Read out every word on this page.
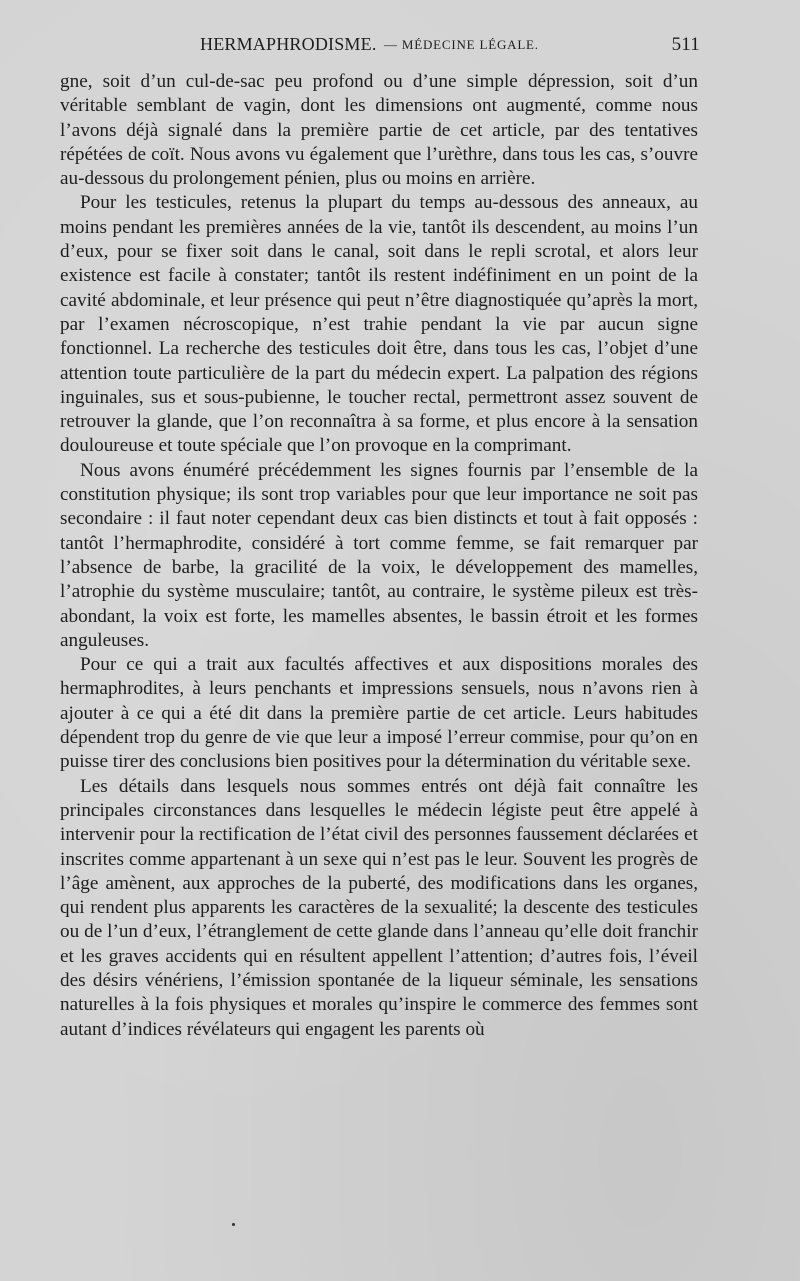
HERMAPHRODISME. — MÉDECINE LÉGALE.	511

gne, soit d’un cul-de-sac peu profond ou d’une simple dépression, soit d’un véritable semblant de vagin, dont les dimensions ont augmenté, comme nous l’avons déjà signalé dans la première partie de cet article, par des tentatives répétées de coït. Nous avons vu également que l’urèthre, dans tous les cas, s’ouvre au-dessous du prolongement pénien, plus ou moins en arrière.

Pour les testicules, retenus la plupart du temps au-dessous des anneaux, au moins pendant les premières années de la vie, tantôt ils descendent, au moins l’un d’eux, pour se fixer soit dans le canal, soit dans le repli scrotal, et alors leur existence est facile à constater; tantôt ils restent indéfiniment en un point de la cavité abdominale, et leur présence qui peut n’être diagnostiquée qu’après la mort, par l’examen nécroscopique, n’est trahie pendant la vie par aucun signe fonctionnel. La recherche des testicules doit être, dans tous les cas, l’objet d’une attention toute particulière de la part du médecin expert. La palpation des régions inguinales, sus et sous-pubienne, le toucher rectal, permettront assez souvent de retrouver la glande, que l’on reconnaîtra à sa forme, et plus encore à la sensation douloureuse et toute spéciale que l’on provoque en la comprimant.

Nous avons énuméré précédemment les signes fournis par l’ensemble de la constitution physique; ils sont trop variables pour que leur importance ne soit pas secondaire : il faut noter cependant deux cas bien distincts et tout à fait opposés : tantôt l’hermaphrodite, considéré à tort comme femme, se fait remarquer par l’absence de barbe, la gracilité de la voix, le développement des mamelles, l’atrophie du système musculaire; tantôt, au contraire, le système pileux est très-abondant, la voix est forte, les mamelles absentes, le bassin étroit et les formes anguleuses.

Pour ce qui a trait aux facultés affectives et aux dispositions morales des hermaphrodites, à leurs penchants et impressions sensuels, nous n’avons rien à ajouter à ce qui a été dit dans la première partie de cet article. Leurs habitudes dépendent trop du genre de vie que leur a imposé l’erreur commise, pour qu’on en puisse tirer des conclusions bien positives pour la détermination du véritable sexe.

Les détails dans lesquels nous sommes entrés ont déjà fait connaître les principales circonstances dans lesquelles le médecin légiste peut être appelé à intervenir pour la rectification de l’état civil des personnes faussement déclarées et inscrites comme appartenant à un sexe qui n’est pas le leur. Souvent les progrès de l’âge amènent, aux approches de la puberté, des modifications dans les organes, qui rendent plus apparents les caractères de la sexualité; la descente des testicules ou de l’un d’eux, l’étranglement de cette glande dans l’anneau qu’elle doit franchir et les graves accidents qui en résultent appellent l’attention; d’autres fois, l’éveil des désirs vénériens, l’émission spontanée de la liqueur séminale, les sensations naturelles à la fois physiques et morales qu’inspire le commerce des femmes sont autant d’indices révélateurs qui engagent les parents où
